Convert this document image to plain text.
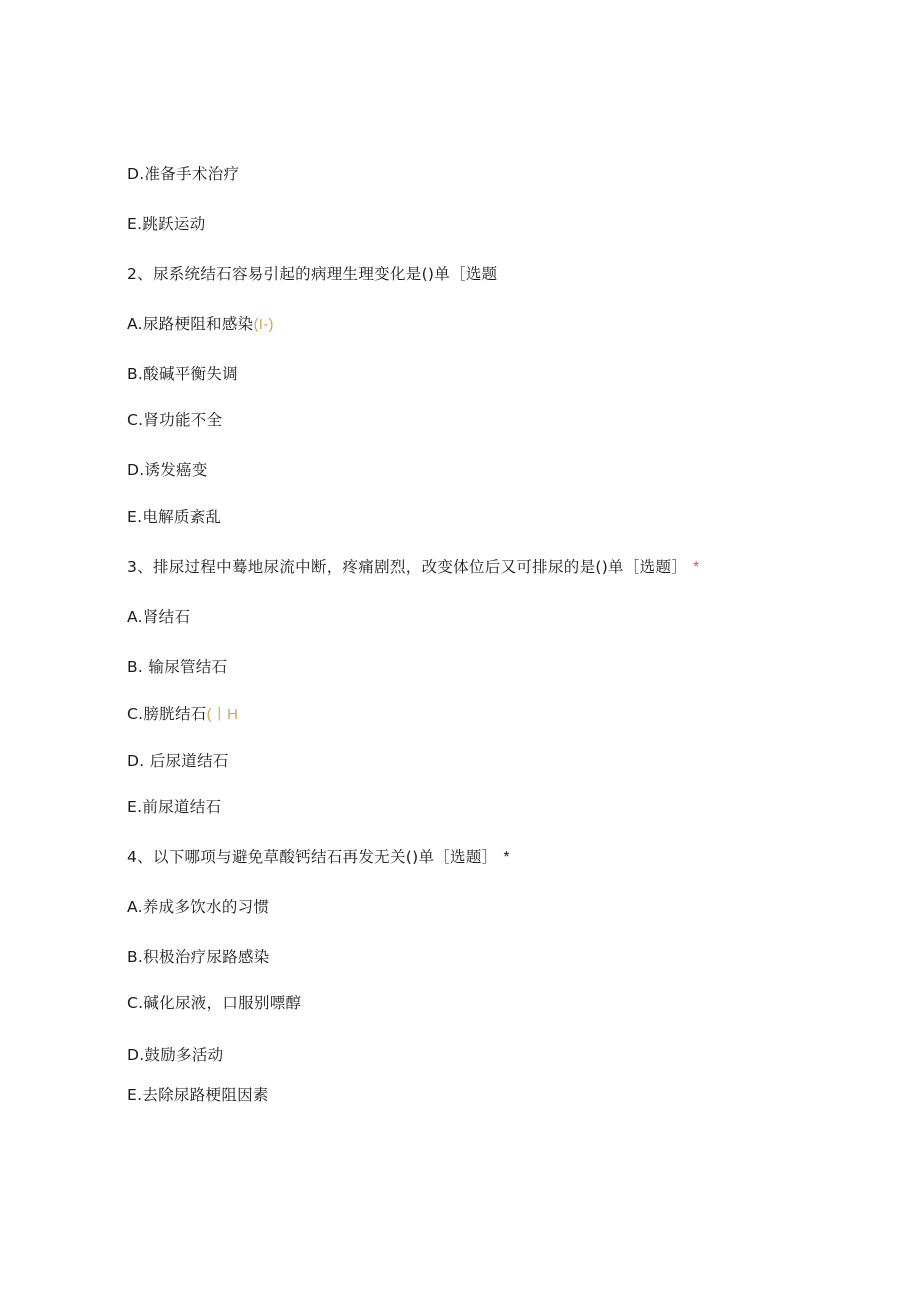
D.准备手术治疗
E.跳跃运动
2、尿系统结石容易引起的病理生理变化是()单［选题
A.尿路梗阻和感染(I-)
B.酸碱平衡失调
C.肾功能不全
D.诱发癌变
E.电解质紊乱
3、排尿过程中蓦地尿流中断，疼痛剧烈，改变体位后又可排尿的是()单［选题］ *
A.肾结石
B. 输尿管结石
C.膀胱结石(丨H
D. 后尿道结石
E.前尿道结石
4、以下哪项与避免草酸钙结石再发无关()单［选题］ *
A.养成多饮水的习惯
B.积极治疗尿路感染
C.碱化尿液，口服别嘌醇
D.鼓励多活动
E.去除尿路梗阻因素
